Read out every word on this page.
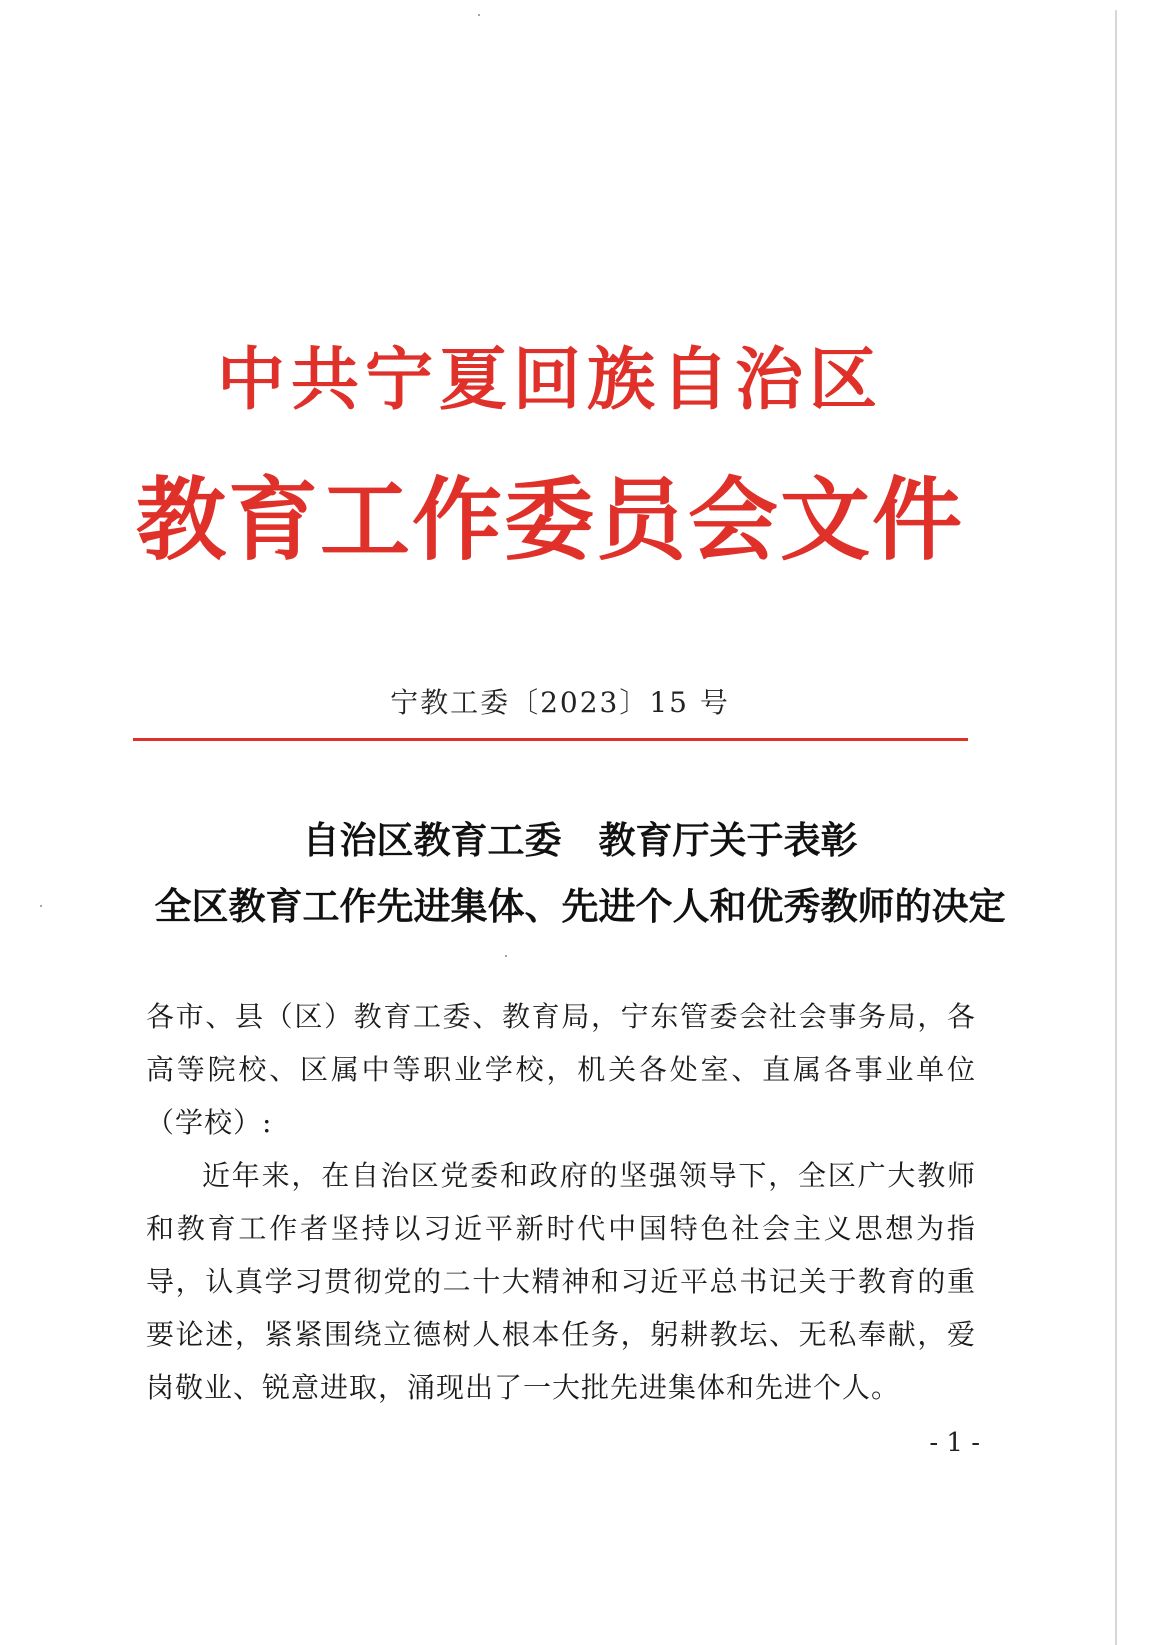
中共宁夏回族自治区
教育工作委员会文件
宁教工委〔2023〕15 号
自治区教育工委　教育厅关于表彰
全区教育工作先进集体、先进个人和优秀教师的决定

各市、县（区）教育工委、教育局，宁东管委会社会事务局，各高等院校、区属中等职业学校，机关各处室、直属各事业单位（学校）:

近年来，在自治区党委和政府的坚强领导下，全区广大教师和教育工作者坚持以习近平新时代中国特色社会主义思想为指导，认真学习贯彻党的二十大精神和习近平总书记关于教育的重要论述，紧紧围绕立德树人根本任务，躬耕教坛、无私奉献，爱岗敬业、锐意进取，涌现出了一大批先进集体和先进个人。

- 1 -
